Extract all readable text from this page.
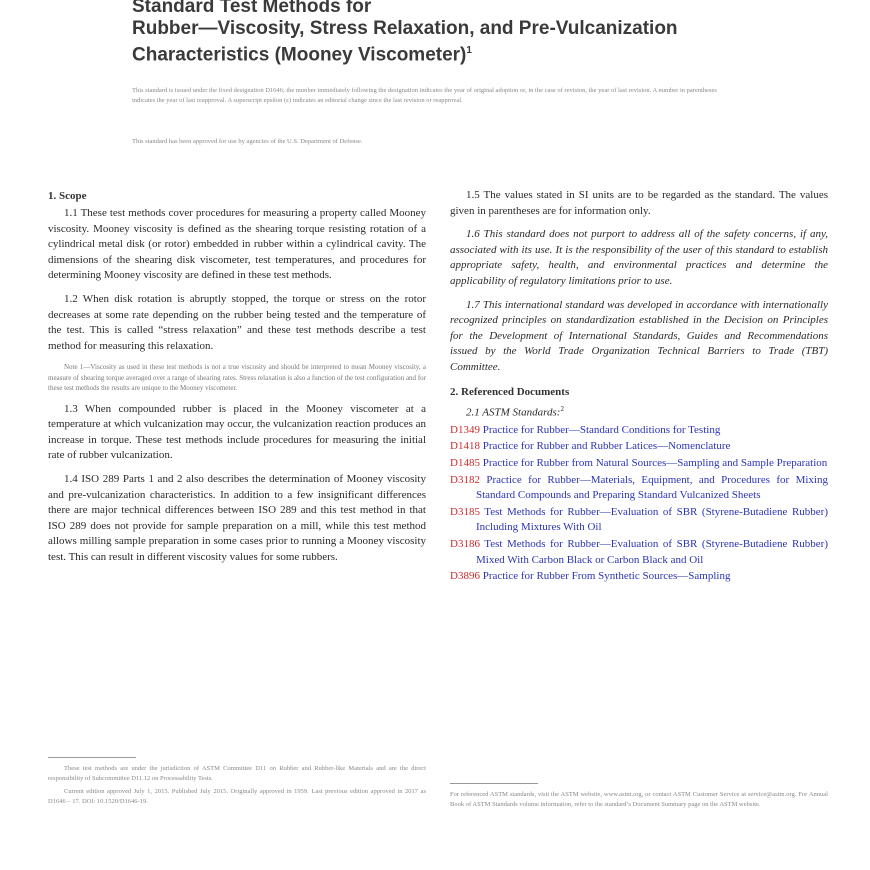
Standard Test Methods for
Rubber—Viscosity, Stress Relaxation, and Pre-Vulcanization
Characteristics (Mooney Viscometer)$^1$
This standard is issued under the fixed designation D1646; the number immediately following the designation indicates the year of original adoption or, in the case of revision, the year of last revision. A number in parentheses indicates the year of last reapproval. A superscript epsilon (ε) indicates an editorial change since the last revision or reapproval.
This standard has been approved for use by agencies of the U.S. Department of Defense.
1. Scope

1.1 These test methods cover procedures for measuring a property called Mooney viscosity. Mooney viscosity is defined as the shearing torque resisting rotation of a cylindrical metal disk (or rotor) embedded in rubber within a cylindrical cavity. The dimensions of the shearing disk viscometer, test temperatures, and procedures for determining Mooney viscosity are defined in these test methods.

1.2 When disk rotation is abruptly stopped, the torque or stress on the rotor decreases at some rate depending on the rubber being tested and the temperature of the test. This is called “stress relaxation” and these test methods describe a test method for measuring this relaxation.

Note 1—Viscosity as used in these test methods is not a true viscosity and should be interpreted to mean Mooney viscosity, a measure of shearing torque averaged over a range of shearing rates. Stress relaxation is also a function of the test configuration and for these test methods the results are unique to the Mooney viscometer.

1.3 When compounded rubber is placed in the Mooney viscometer at a temperature at which vulcanization may occur, the vulcanization reaction produces an increase in torque. These test methods include procedures for measuring the initial rate of rubber vulcanization.

1.4 ISO 289 Parts 1 and 2 also describes the determination of Mooney viscosity and pre-vulcanization characteristics. In addition to a few insignificant differences there are major technical differences between ISO 289 and this test method in that ISO 289 does not provide for sample preparation on a mill, while this test method allows milling sample preparation in some cases prior to running a Mooney viscosity test. This can result in different viscosity values for some rubbers.

These test methods are under the jurisdiction of ASTM Committee D11 on Rubber and Rubber-like Materials and are the direct responsibility of Subcommittee D11.12 on Processability Tests.

Current edition approved July 1, 2015. Published July 2015. Originally approved in 1959. Last previous edition approved in 2017 as D1646 – 17. DOI: 10.1520/D1646-19.

1.5 The values stated in SI units are to be regarded as the standard. The values given in parentheses are for information only.

1.6 This standard does not purport to address all of the safety concerns, if any, associated with its use. It is the responsibility of the user of this standard to establish appropriate safety, health, and environmental practices and determine the applicability of regulatory limitations prior to use.

1.7 This international standard was developed in accordance with internationally recognized principles on standardization established in the Decision on Principles for the Development of International Standards, Guides and Recommendations issued by the World Trade Organization Technical Barriers to Trade (TBT) Committee.

2. Referenced Documents
2.1 ASTM Standards:$^2$
D1349 Practice for Rubber—Standard Conditions for Testing
D1418 Practice for Rubber and Rubber Latices—Nomenclature
D1485 Practice for Rubber from Natural Sources—Sampling and Sample Preparation
D3182 Practice for Rubber—Materials, Equipment, and Procedures for Mixing Standard Compounds and Preparing Standard Vulcanized Sheets
D3185 Test Methods for Rubber—Evaluation of SBR (Styrene-Butadiene Rubber) Including Mixtures With Oil
D3186 Test Methods for Rubber—Evaluation of SBR (Styrene-Butadiene Rubber) Mixed With Carbon Black or Carbon Black and Oil
D3896 Practice for Rubber From Synthetic Sources—Sampling
For referenced ASTM standards, visit the ASTM website, www.astm.org, or contact ASTM Customer Service at service@astm.org. For Annual Book of ASTM Standards volume information, refer to the standard’s Document Summary page on the ASTM website.
